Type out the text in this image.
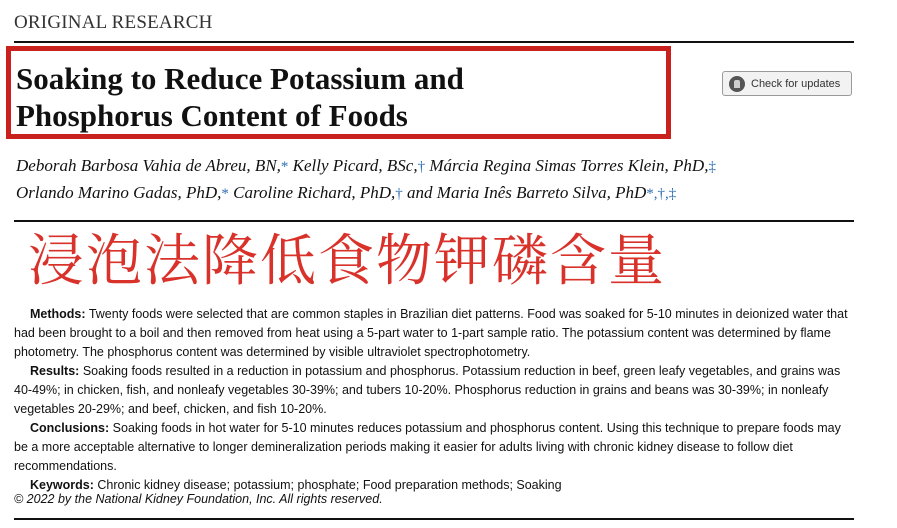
ORIGINAL RESEARCH
Soaking to Reduce Potassium and
Phosphorus Content of Foods
Check for updates
Deborah Barbosa Vahia de Abreu, BN,* Kelly Picard, BSc,† Márcia Regina Simas Torres Klein, PhD,‡
Orlando Marino Gadas, PhD,* Caroline Richard, PhD,† and Maria Inês Barreto Silva, PhD*,†,‡
浸泡法降低食物钾磷含量

Methods: Twenty foods were selected that are common staples in Brazilian diet patterns. Food was soaked for 5-10 minutes in deionized water that had been brought to a boil and then removed from heat using a 5-part water to 1-part sample ratio. The potassium content was determined by flame photometry. The phosphorus content was determined by visible ultraviolet spectrophotometry.

Results: Soaking foods resulted in a reduction in potassium and phosphorus. Potassium reduction in beef, green leafy vegetables, and grains was 40-49%; in chicken, fish, and nonleafy vegetables 30-39%; and tubers 10-20%. Phosphorus reduction in grains and beans was 30-39%; in nonleafy vegetables 20-29%; and beef, chicken, and fish 10-20%.

Conclusions: Soaking foods in hot water for 5-10 minutes reduces potassium and phosphorus content. Using this technique to prepare foods may be a more acceptable alternative to longer demineralization periods making it easier for adults living with chronic kidney disease to follow diet recommendations.

Keywords: Chronic kidney disease; potassium; phosphate; Food preparation methods; Soaking

© 2022 by the National Kidney Foundation, Inc. All rights reserved.
